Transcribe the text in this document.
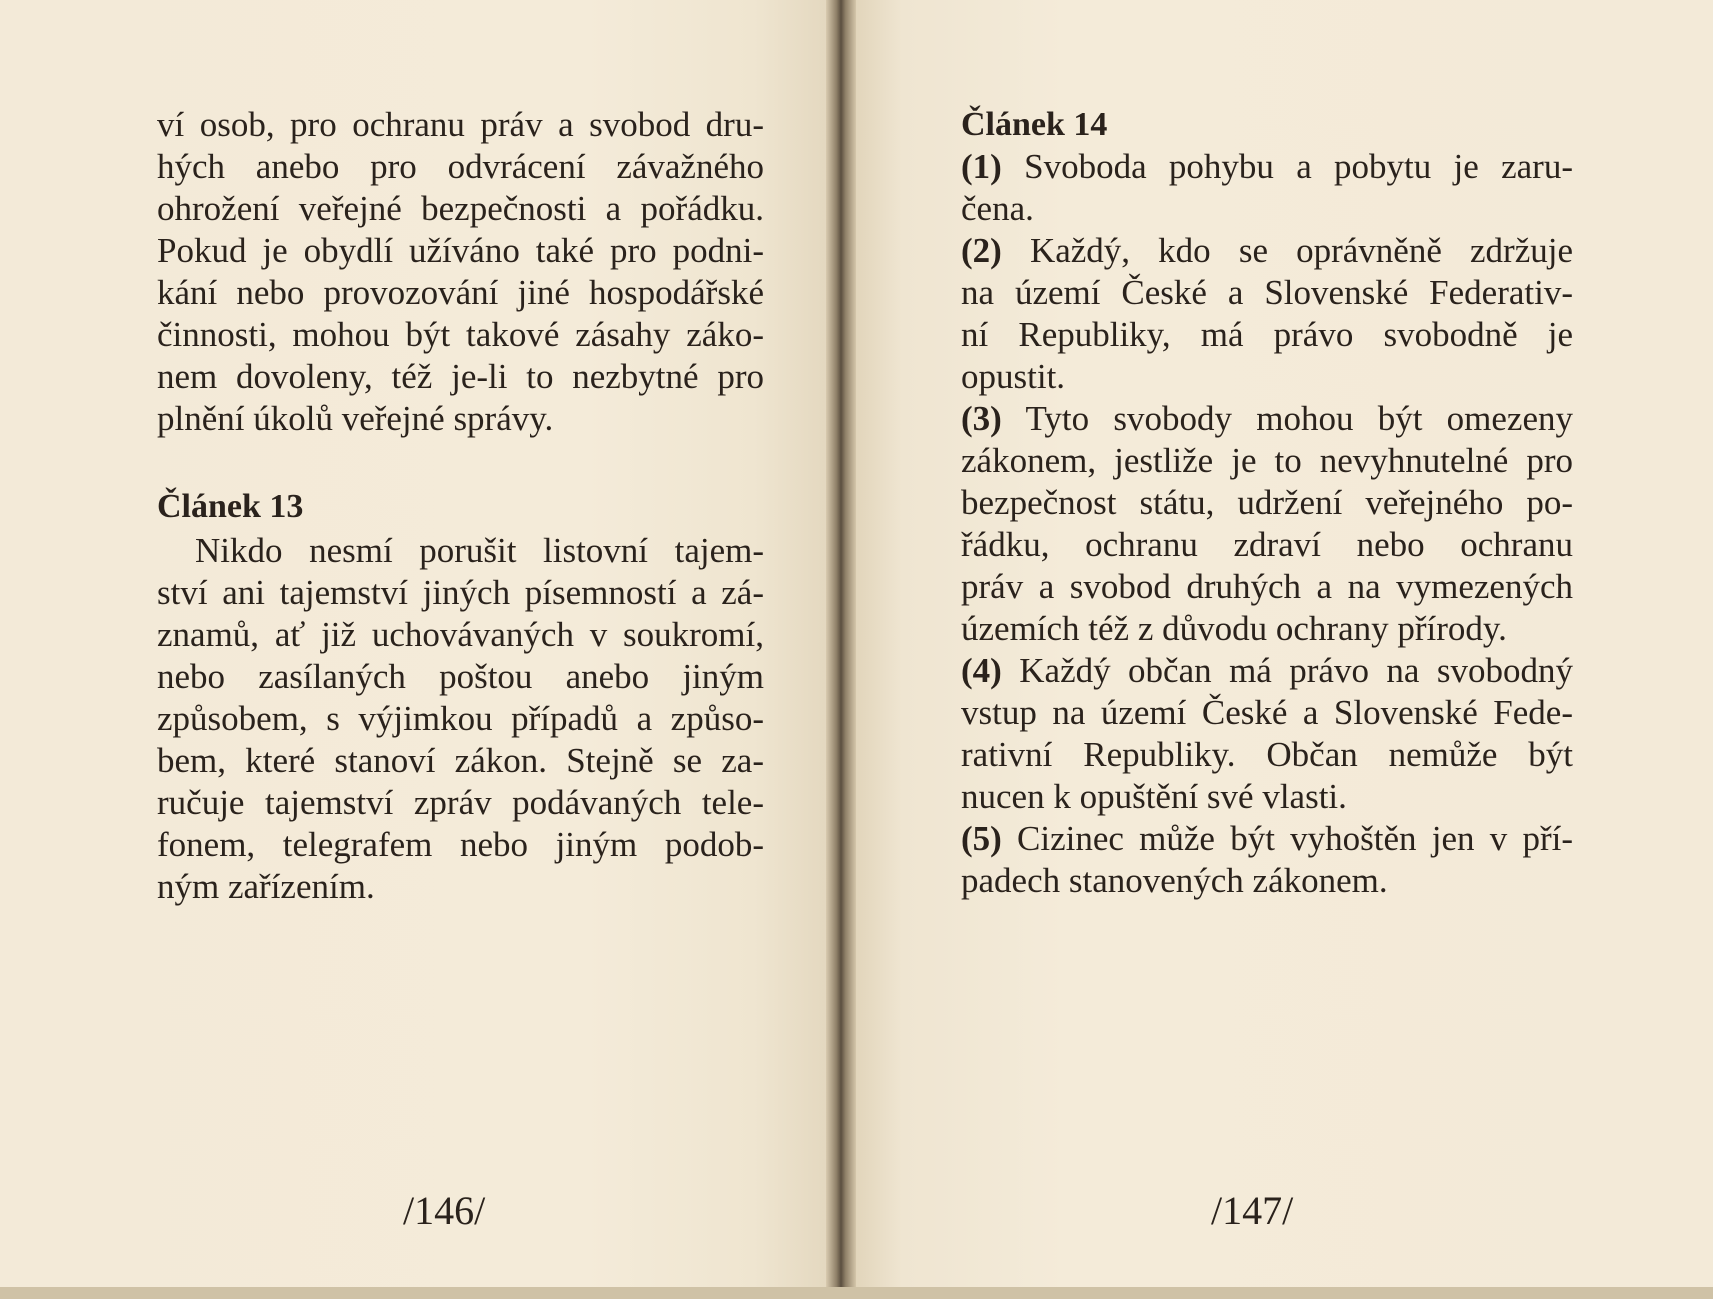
ví osob, pro ochranu práv a svobod dru-
hých anebo pro odvrácení závažného
ohrožení veřejné bezpečnosti a pořádku.
Pokud je obydlí užíváno také pro podni-
kání nebo provozování jiné hospodářské
činnosti, mohou být takové zásahy záko-
nem dovoleny, též je-li to nezbytné pro
plnění úkolů veřejné správy.
Článek 13
Nikdo nesmí porušit listovní tajem-
ství ani tajemství jiných písemností a zá-
znamů, ať již uchovávaných v soukromí,
nebo zasílaných poštou anebo jiným
způsobem, s výjimkou případů a způso-
bem, které stanoví zákon. Stejně se za-
ručuje tajemství zpráv podávaných tele-
fonem, telegrafem nebo jiným podob-
ným zařízením.
/146/
Článek 14
(1) Svoboda pohybu a pobytu je zaru-
čena.
(2) Každý, kdo se oprávněně zdržuje
na území České a Slovenské Federativ-
ní Republiky, má právo svobodně je
opustit.
(3) Tyto svobody mohou být omezeny
zákonem, jestliže je to nevyhnutelné pro
bezpečnost státu, udržení veřejného po-
řádku, ochranu zdraví nebo ochranu
práv a svobod druhých a na vymezených
územích též z důvodu ochrany přírody.
(4) Každý občan má právo na svobodný
vstup na území České a Slovenské Fede-
rativní Republiky. Občan nemůže být
nucen k opuštění své vlasti.
(5) Cizinec může být vyhoštěn jen v pří-
padech stanovených zákonem.
/147/
